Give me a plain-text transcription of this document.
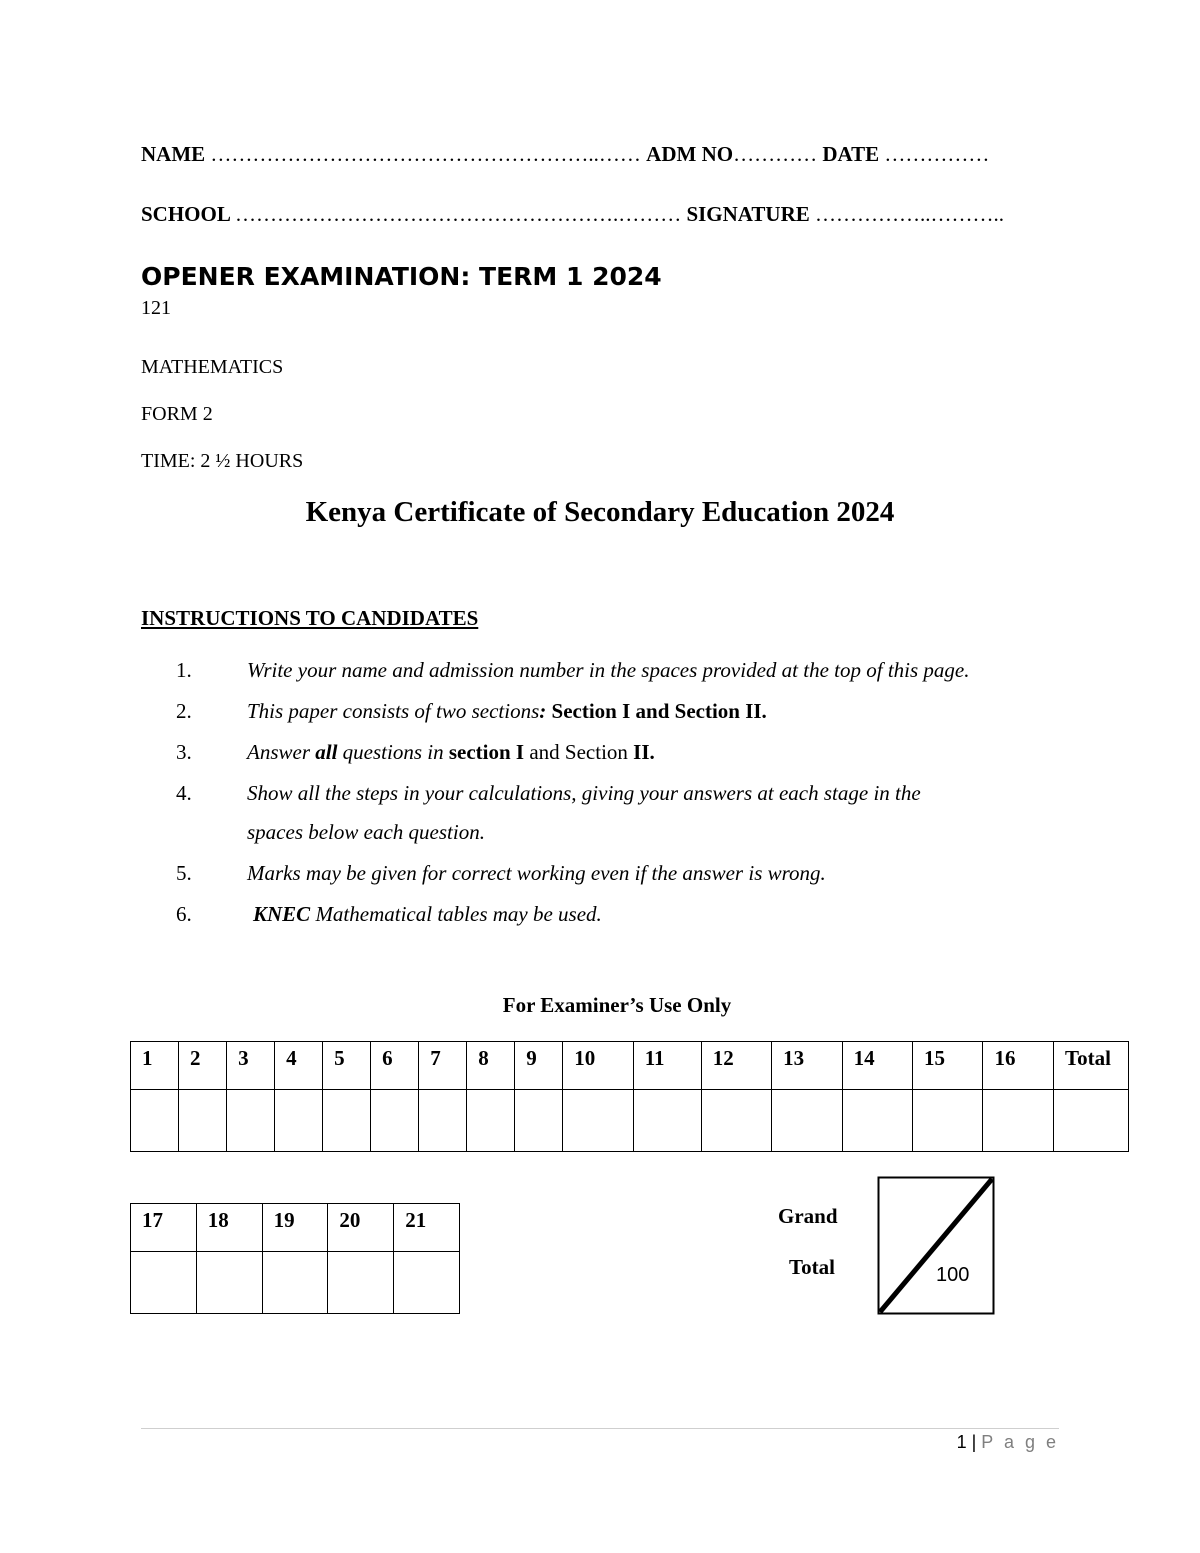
NAME ………………………………………………..…… ADM NO………… DATE ……………
SCHOOL ……………………………………………….……… SIGNATURE ……………..………..
OPENER EXAMINATION: TERM 1 2024
121
MATHEMATICS
FORM 2
TIME: 2 ½ HOURS
Kenya Certificate of Secondary Education 2024
INSTRUCTIONS TO CANDIDATES
1.	Write your name and admission number in the spaces provided at the top of this page.
2.	This paper consists of two sections: Section I and Section II.
3.	Answer all questions in section I and Section II.
4.	Show all the steps in your calculations, giving your answers at each stage in the
spaces below each question.
5.	Marks may be given for correct working even if the answer is wrong.
6.	KNEC Mathematical tables may be used.
For Examiner’s Use Only
1	2	3	4	5	6	7	8	9	10	11	12	13	14	15	16	Total

17	18	19	20	21

					Grand
Total	100
1 | P a g e
